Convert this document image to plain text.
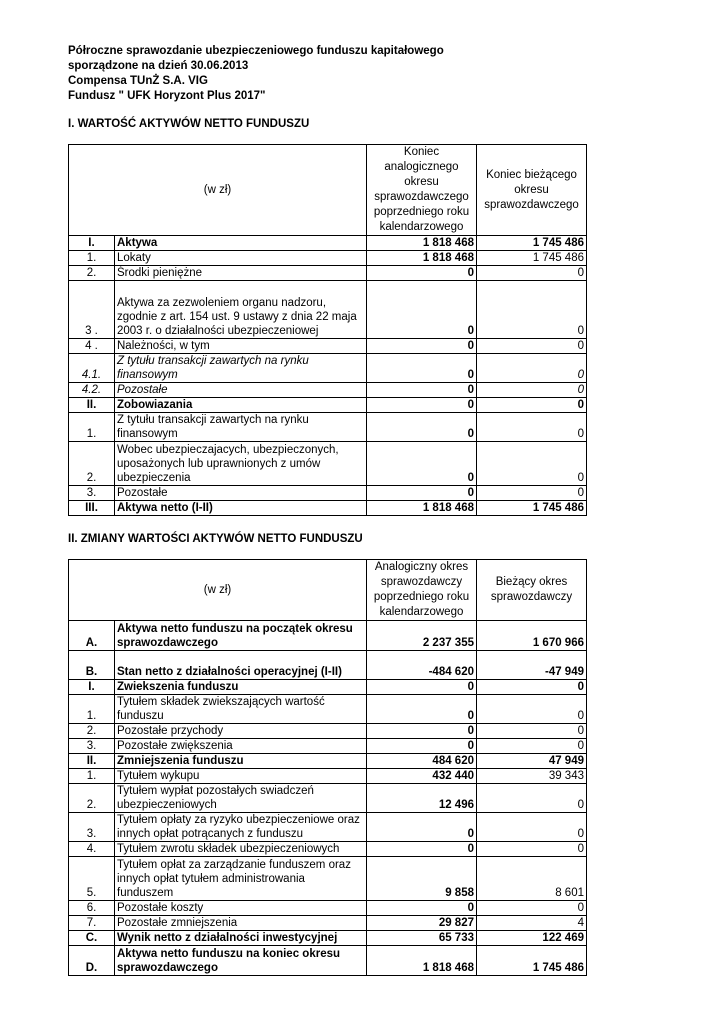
Półroczne sprawozdanie ubezpieczeniowego funduszu kapitałowego
sporządzone na dzień 30.06.2013
Compensa TUnŻ S.A. VIG
Fundusz " UFK Horyzont Plus 2017"
I. WARTOŚĆ AKTYWÓW NETTO FUNDUSZU
(w zł)		Koniec analogicznego okresu sprawozdawczego poprzedniego roku kalendarzowego	Koniec bieżącego okresu sprawozdawczego
I.	Aktywa	1 818 468	1 745 486
1.	Lokaty	1 818 468	1 745 486
2.	Środki pieniężne	0	0
3 .	Aktywa za zezwoleniem organu nadzoru, zgodnie z art. 154 ust. 9 ustawy z dnia 22 maja 2003 r. o działalności ubezpieczeniowej	0	0
4 .	Należności, w tym	0	0
4.1.	Z tytułu transakcji zawartych na rynku finansowym	0	0
4.2.	Pozostałe	0	0
II.	Zobowiazania	0	0
1.	Z tytułu transakcji zawartych na rynku finansowym	0	0
2.	Wobec ubezpieczajacych, ubezpieczonych, uposażonych lub uprawnionych z umów ubezpieczenia	0	0
3.	Pozostałe	0	0
III.	Aktywa netto (I-II)	1 818 468	1 745 486
II. ZMIANY WARTOŚCI AKTYWÓW NETTO FUNDUSZU
(w zł)		Analogiczny okres sprawozdawczy poprzedniego roku kalendarzowego	Bieżący okres sprawozdawczy
A.	Aktywa netto funduszu na początek okresu sprawozdawczego	2 237 355	1 670 966
B.	Stan netto z działalności operacyjnej (I-II)	-484 620	-47 949
I.	Zwiekszenia funduszu	0	0
1.	Tytułem składek zwiekszających wartość funduszu	0	0
2.	Pozostałe przychody	0	0
3.	Pozostałe zwiększenia	0	0
II.	Zmniejszenia funduszu	484 620	47 949
1.	Tytułem wykupu	432 440	39 343
2.	Tytułem wypłat pozostałych swiadczeń ubezpieczeniowych	12 496	0
3.	Tytułem opłaty za ryzyko ubezpieczeniowe oraz innych opłat potrącanych z funduszu	0	0
4.	Tytułem zwrotu składek ubezpieczeniowych	0	0
5.	Tytułem opłat za zarządzanie funduszem oraz innych opłat tytułem administrowania funduszem	9 858	8 601
6.	Pozostałe koszty	0	0
7.	Pozostałe zmniejszenia	29 827	4
C.	Wynik netto z działalności inwestycyjnej	65 733	122 469
D.	Aktywa netto funduszu na koniec okresu sprawozdawczego	1 818 468	1 745 486
